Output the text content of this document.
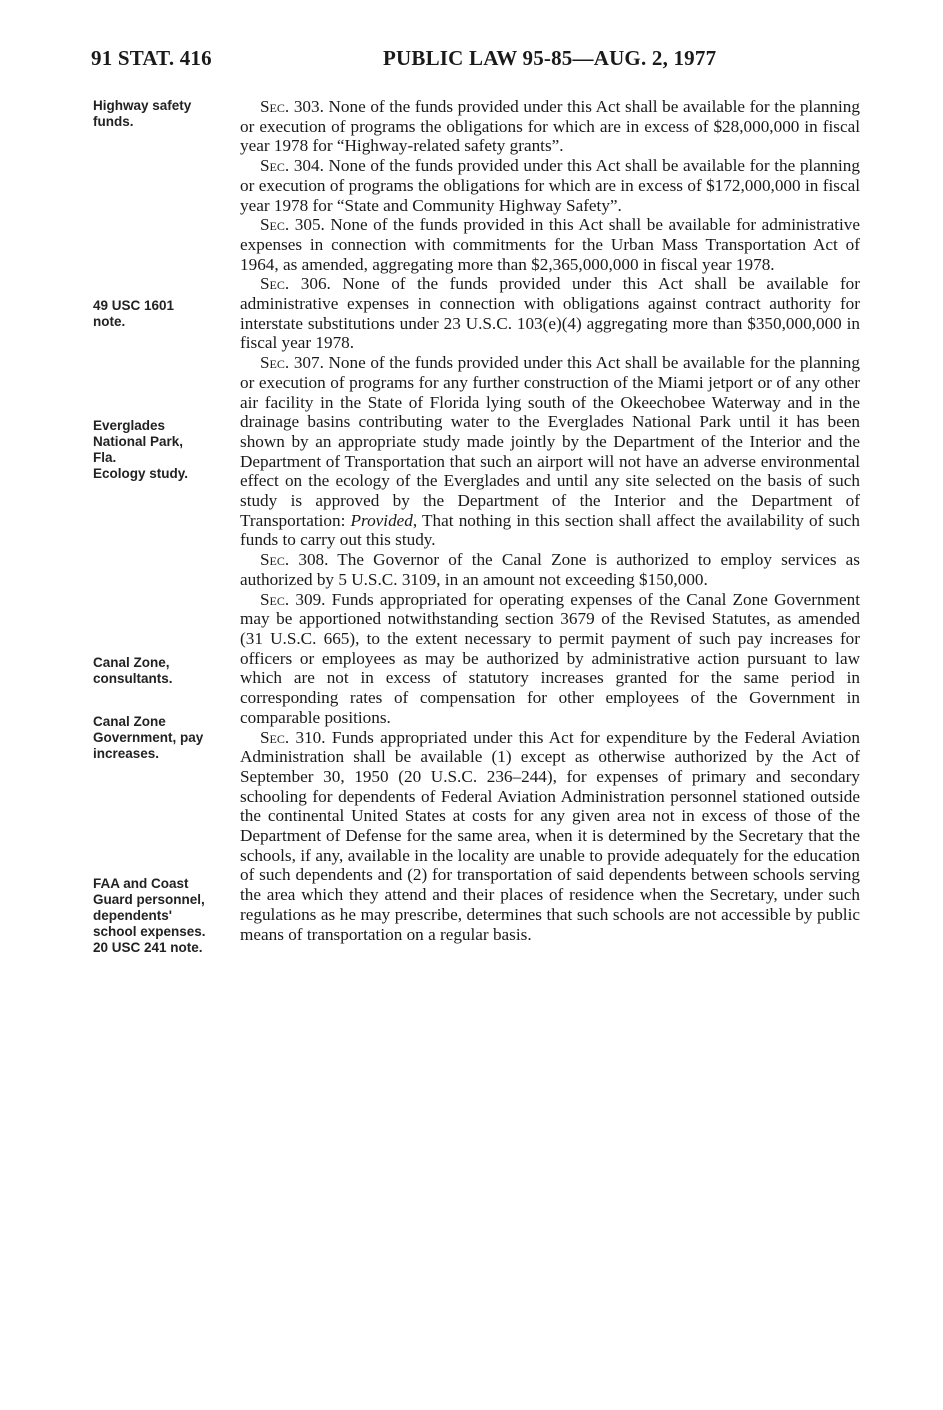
91 STAT. 416	PUBLIC LAW 95-85—AUG. 2, 1977
Highway safety
funds.
49 USC 1601
note.
Everglades
National Park,
Fla.
Ecology study.
Canal Zone,
consultants.
Canal Zone
Government, pay
increases.
FAA and Coast
Guard personnel,
dependents'
school expenses.
20 USC 241 note.

Sec. 303. None of the funds provided under this Act shall be available for the planning or execution of programs the obligations for which are in excess of $28,000,000 in fiscal year 1978 for “Highway-related safety grants”.

Sec. 304. None of the funds provided under this Act shall be available for the planning or execution of programs the obligations for which are in excess of $172,000,000 in fiscal year 1978 for “State and Community Highway Safety”.

Sec. 305. None of the funds provided in this Act shall be available for administrative expenses in connection with commitments for the Urban Mass Transportation Act of 1964, as amended, aggregating more than $2,365,000,000 in fiscal year 1978.

Sec. 306. None of the funds provided under this Act shall be available for administrative expenses in connection with obligations against contract authority for interstate substitutions under 23 U.S.C. 103(e)(4) aggregating more than $350,000,000 in fiscal year 1978.

Sec. 307. None of the funds provided under this Act shall be available for the planning or execution of programs for any further construction of the Miami jetport or of any other air facility in the State of Florida lying south of the Okeechobee Waterway and in the drainage basins contributing water to the Everglades National Park until it has been shown by an appropriate study made jointly by the Department of the Interior and the Department of Transportation that such an airport will not have an adverse environmental effect on the ecology of the Everglades and until any site selected on the basis of such study is approved by the Department of the Interior and the Department of Transportation: Provided, That nothing in this section shall affect the availability of such funds to carry out this study.

Sec. 308. The Governor of the Canal Zone is authorized to employ services as authorized by 5 U.S.C. 3109, in an amount not exceeding $150,000.

Sec. 309. Funds appropriated for operating expenses of the Canal Zone Government may be apportioned notwithstanding section 3679 of the Revised Statutes, as amended (31 U.S.C. 665), to the extent necessary to permit payment of such pay increases for officers or employees as may be authorized by administrative action pursuant to law which are not in excess of statutory increases granted for the same period in corresponding rates of compensation for other employees of the Government in comparable positions.

Sec. 310. Funds appropriated under this Act for expenditure by the Federal Aviation Administration shall be available (1) except as otherwise authorized by the Act of September 30, 1950 (20 U.S.C. 236–244), for expenses of primary and secondary schooling for dependents of Federal Aviation Administration personnel stationed outside the continental United States at costs for any given area not in excess of those of the Department of Defense for the same area, when it is determined by the Secretary that the schools, if any, available in the locality are unable to provide adequately for the education of such dependents and (2) for transportation of said dependents between schools serving the area which they attend and their places of residence when the Secretary, under such regulations as he may prescribe, determines that such schools are not accessible by public means of transportation on a regular basis.
